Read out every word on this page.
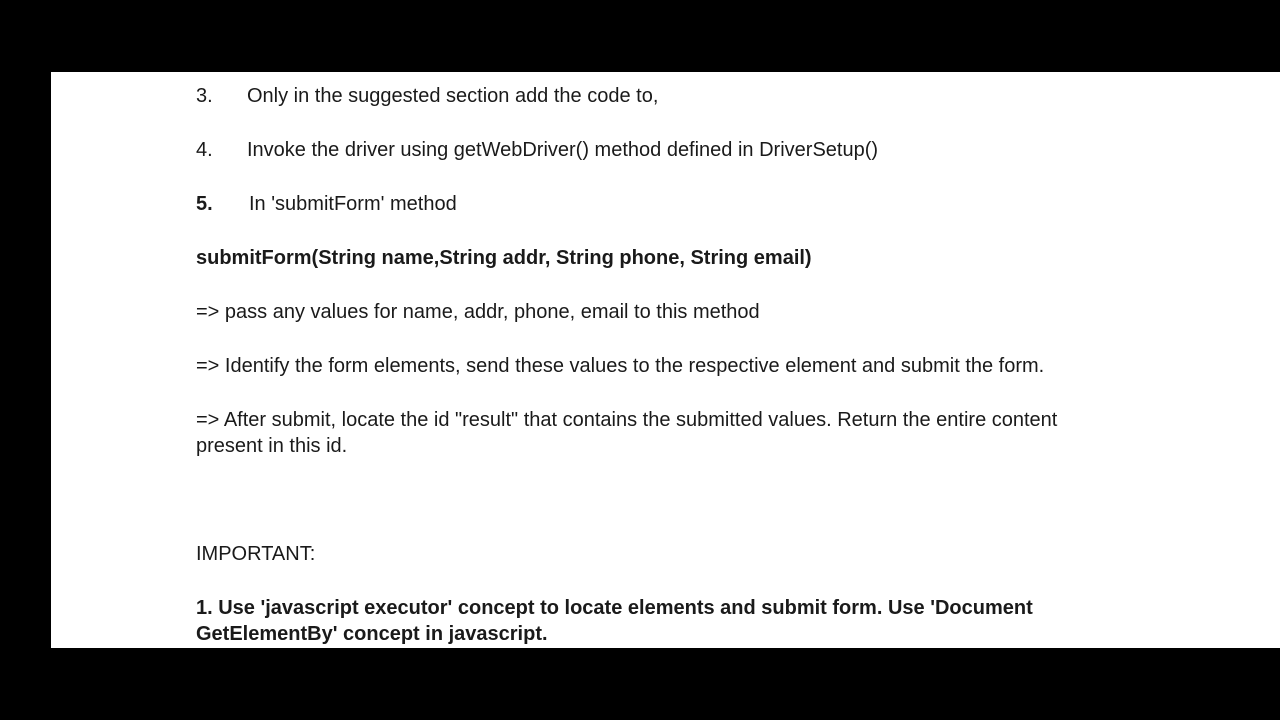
3. Only in the suggested section add the code to,
4. Invoke the driver using getWebDriver() method defined in DriverSetup()
5. In 'submitForm' method
submitForm(String name,String addr, String phone, String email)
=> pass any values for name, addr, phone, email to this method
=> Identify the form elements, send these values to the respective element and submit the form.
=> After submit, locate the id "result" that contains the submitted values. Return the entire content present in this id.
IMPORTANT:
1. Use 'javascript executor' concept to locate elements and submit form. Use 'Document GetElementBy' concept in javascript.
